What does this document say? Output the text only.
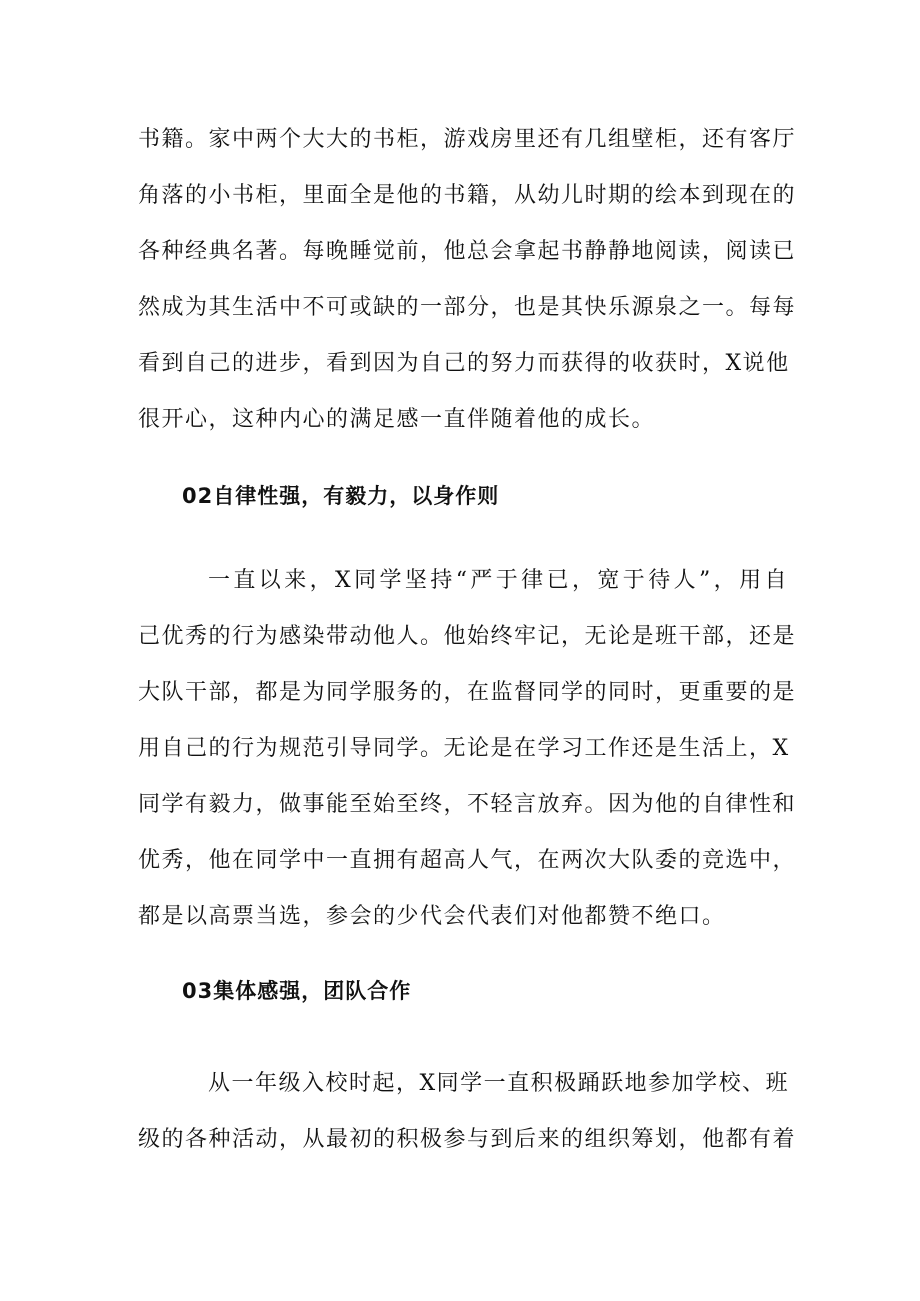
书籍。家中两个大大的书柜，游戏房里还有几组壁柜，还有客厅
角落的小书柜，里面全是他的书籍，从幼儿时期的绘本到现在的
各种经典名著。每晚睡觉前，他总会拿起书静静地阅读，阅读已
然成为其生活中不可或缺的一部分，也是其快乐源泉之一。每每
看到自己的进步，看到因为自己的努力而获得的收获时，X说他
很开心，这种内心的满足感一直伴随着他的成长。
02自律性强，有毅力，以身作则
一直以来，X同学坚持“严于律已，宽于待人”，用自
己优秀的行为感染带动他人。他始终牢记，无论是班干部，还是
大队干部，都是为同学服务的，在监督同学的同时，更重要的是
用自己的行为规范引导同学。无论是在学习工作还是生活上，X
同学有毅力，做事能至始至终，不轻言放弃。因为他的自律性和
优秀，他在同学中一直拥有超高人气，在两次大队委的竞选中，
都是以高票当选，参会的少代会代表们对他都赞不绝口。
03集体感强，团队合作
从一年级入校时起，X同学一直积极踊跃地参加学校、班
级的各种活动，从最初的积极参与到后来的组织筹划，他都有着
